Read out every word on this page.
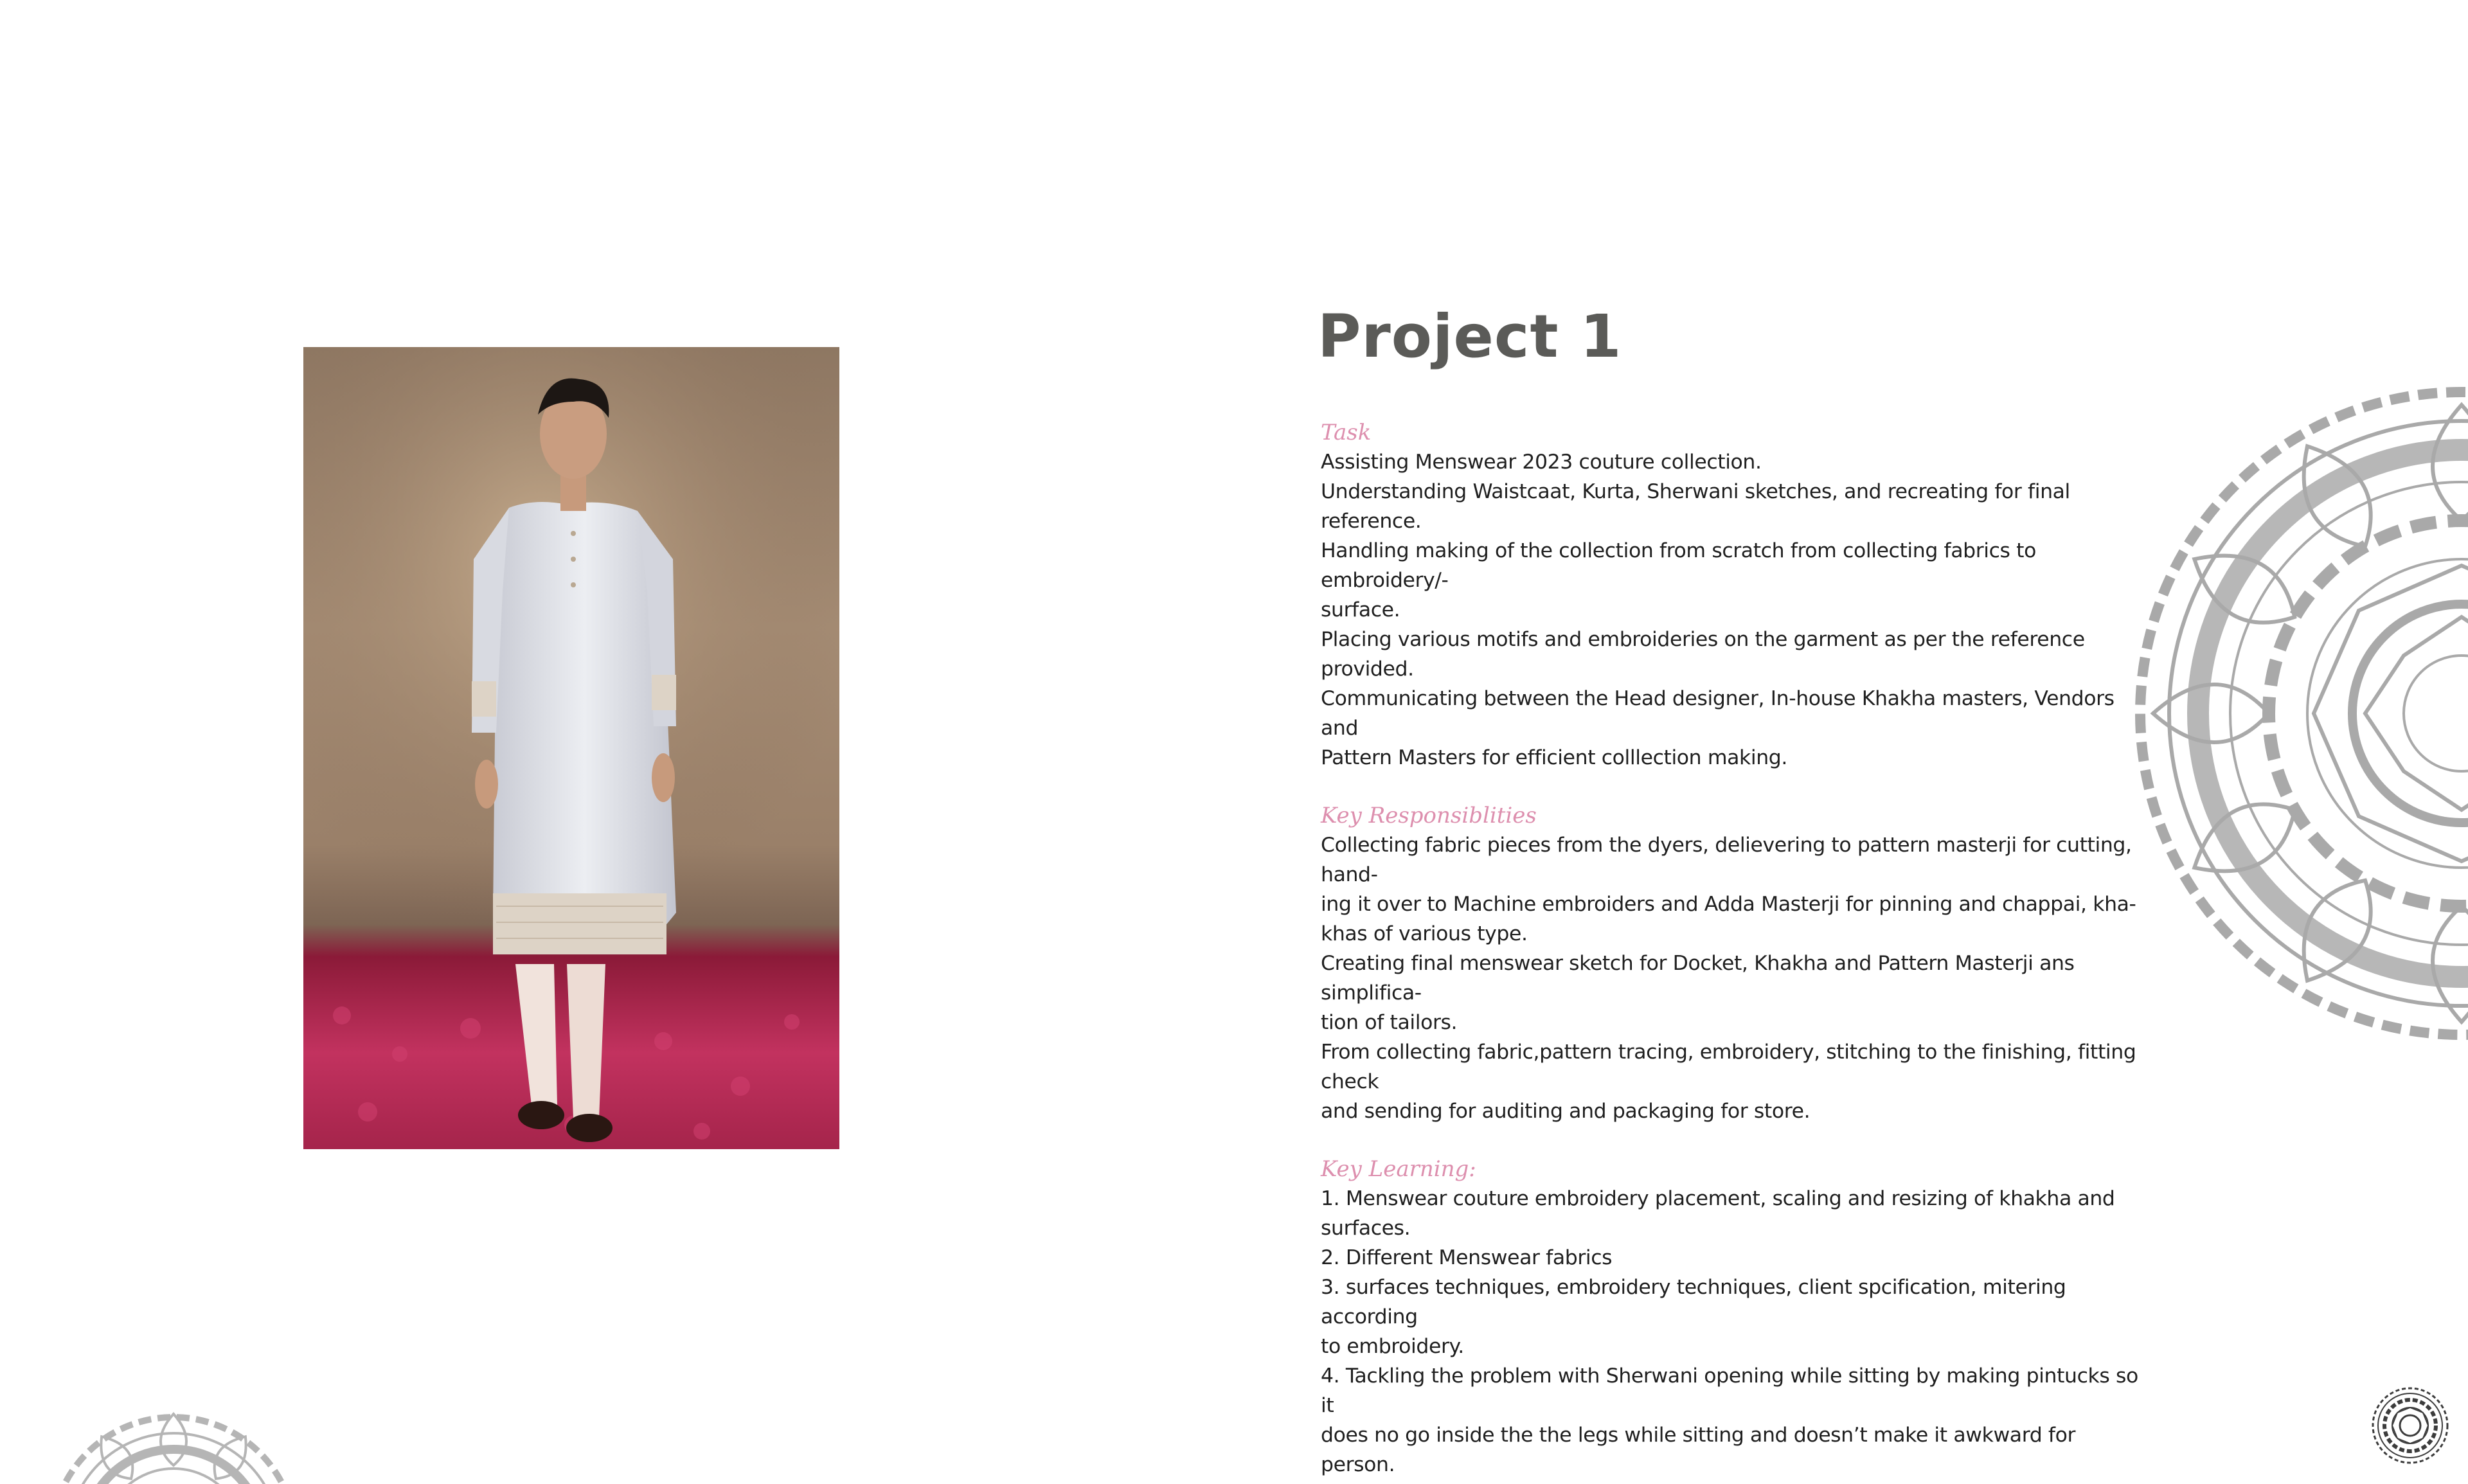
Project 1

Task

Assisting Menswear 2023 couture collection.
Understanding Waistcaat, Kurta, Sherwani sketches, and recreating for final reference.
Handling making of the collection from scratch from collecting fabrics to embroidery/-
surface.
Placing various motifs and embroideries on the garment as per the reference provided.
Communicating between the Head designer, In-house Khakha masters, Vendors and
Pattern Masters for efficient colllection making.

Key Responsiblities

Collecting fabric pieces from the dyers, delievering to pattern masterji for cutting, hand-
ing it over to Machine embroiders and Adda Masterji for pinning and chappai, kha-
khas of various type.
Creating final menswear sketch for Docket, Khakha and Pattern Masterji ans simplifica-
tion of tailors.
From collecting fabric,pattern tracing, embroidery, stitching to the finishing, fitting check
and sending for auditing and packaging for store.

Key Learning:

1. Menswear couture embroidery placement, scaling and resizing of khakha and
surfaces.
2. Different Menswear fabrics
3. surfaces techniques, embroidery techniques, client spcification, mitering according
to embroidery.
4. Tackling the problem with Sherwani opening while sitting by making pintucks so it
does no go inside the the legs while sitting and doesn’t make it awkward for person.
